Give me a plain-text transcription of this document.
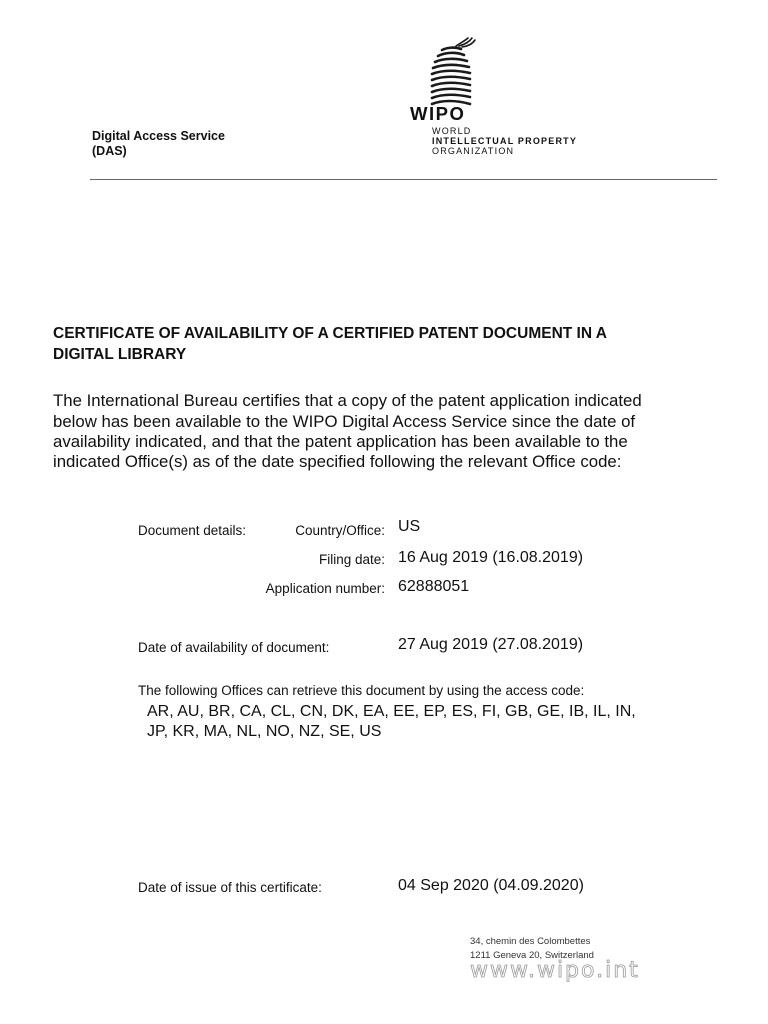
Digital Access Service
(DAS)
WIPO
WORLD
INTELLECTUAL PROPERTY
ORGANIZATION
CERTIFICATE OF AVAILABILITY OF A CERTIFIED PATENT DOCUMENT IN A
DIGITAL LIBRARY
The International Bureau certifies that a copy of the patent application indicated
below has been available to the WIPO Digital Access Service since the date of
availability indicated, and that the patent application has been available to the
indicated Office(s) as of the date specified following the relevant Office code:
Document details:	Country/Office: US
Filing date: 16 Aug 2019 (16.08.2019)
Application number: 62888051
Date of availability of document:	27 Aug 2019 (27.08.2019)
The following Offices can retrieve this document by using the access code:
AR, AU, BR, CA, CL, CN, DK, EA, EE, EP, ES, FI, GB, GE, IB, IL, IN,
JP, KR, MA, NL, NO, NZ, SE, US
Date of issue of this certificate:	04 Sep 2020 (04.09.2020)
34, chemin des Colombettes
1211 Geneva 20, Switzerland
www.wipo.int
